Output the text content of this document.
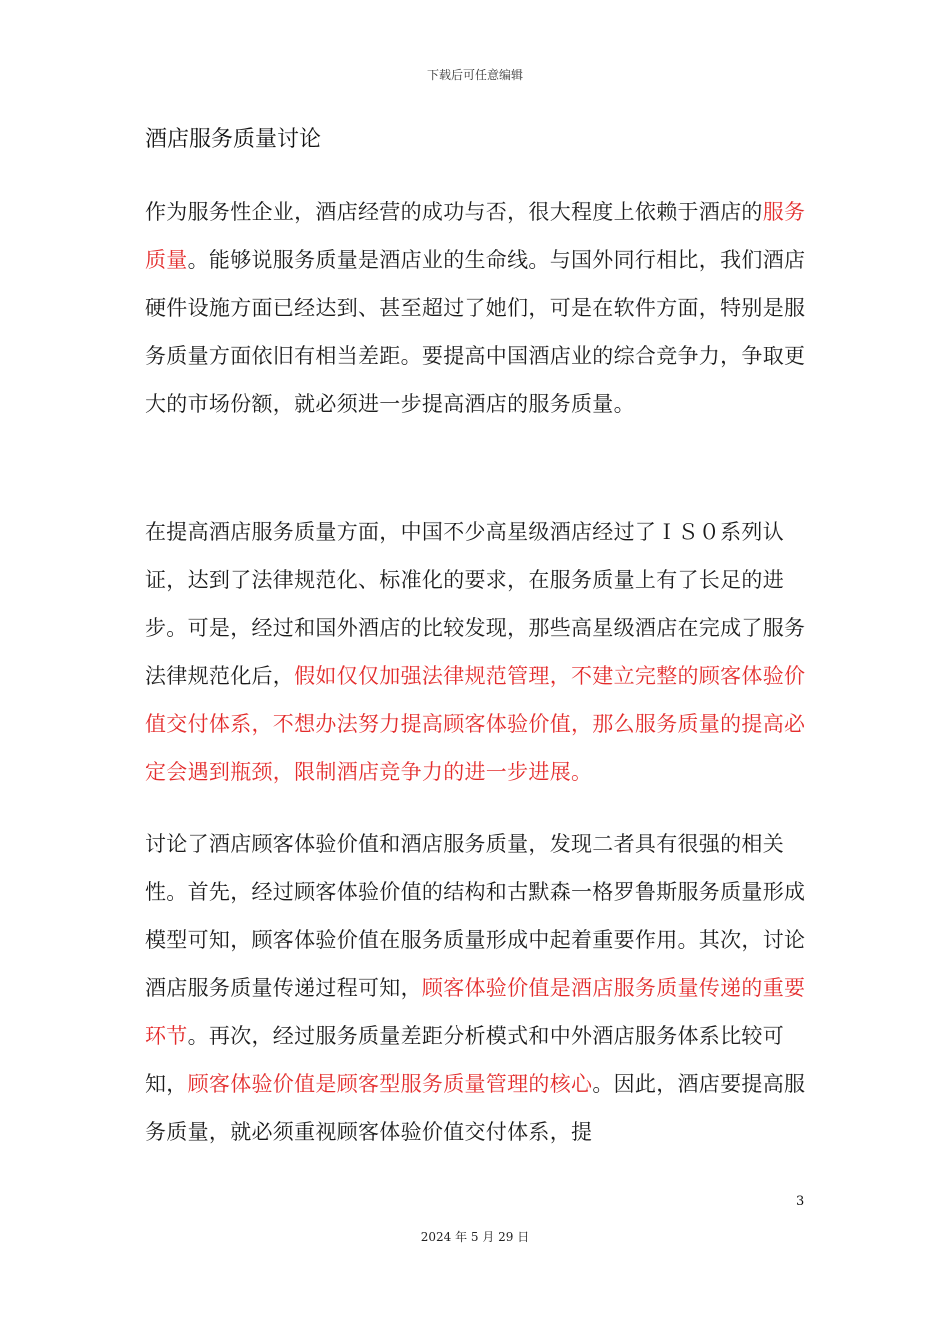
下载后可任意编辑
酒店服务质量讨论
作为服务性企业，酒店经营的成功与否，很大程度上依赖于酒店的服务质量。能够说服务质量是酒店业的生命线。与国外同行相比，我们酒店硬件设施方面已经达到、甚至超过了她们，可是在软件方面，特别是服务质量方面依旧有相当差距。要提高中国酒店业的综合竞争力，争取更大的市场份额，就必须进一步提高酒店的服务质量。
在提高酒店服务质量方面，中国不少高星级酒店经过了ＩＳ０系列认证，达到了法律规范化、标准化的要求，在服务质量上有了长足的进步。可是，经过和国外酒店的比较发现，那些高星级酒店在完成了服务法律规范化后，假如仅仅加强法律规范管理，不建立完整的顾客体验价值交付体系，不想办法努力提高顾客体验价值，那么服务质量的提高必定会遇到瓶颈，限制酒店竞争力的进一步进展。
讨论了酒店顾客体验价值和酒店服务质量，发现二者具有很强的相关性。首先，经过顾客体验价值的结构和古默森一格罗鲁斯服务质量形成模型可知，顾客体验价值在服务质量形成中起着重要作用。其次，讨论酒店服务质量传递过程可知，顾客体验价值是酒店服务质量传递的重要环节。再次，经过服务质量差距分析模式和中外酒店服务体系比较可知，顾客体验价值是顾客型服务质量管理的核心。因此，酒店要提高服务质量，就必须重视顾客体验价值交付体系，提
3
2024 年 5 月 29 日
